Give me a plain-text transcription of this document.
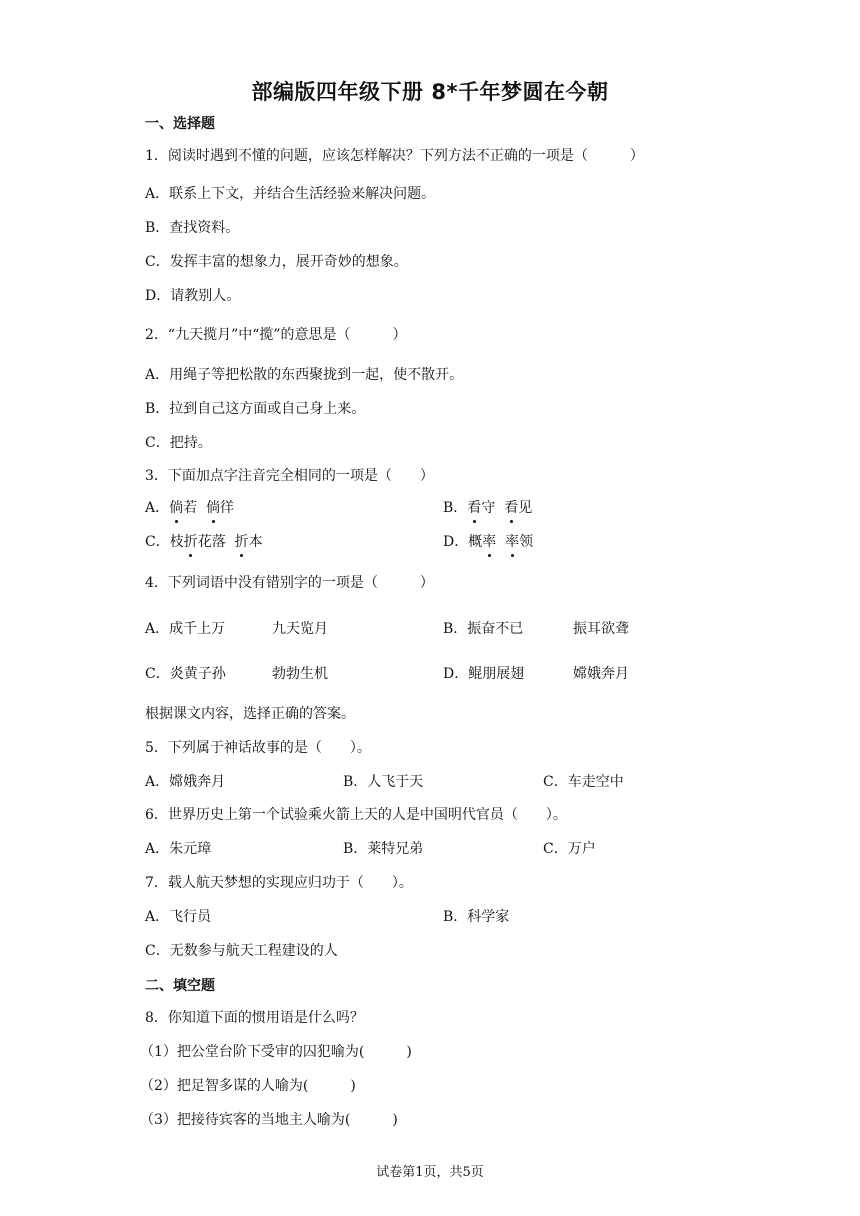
部编版四年级下册 8*千年梦圆在今朝
一、选择题
1．阅读时遇到不懂的问题，应该怎样解决？下列方法不正确的一项是（　　　）
A．联系上下文，并结合生活经验来解决问题。
B．查找资料。
C．发挥丰富的想象力，展开奇妙的想象。
D．请教别人。
2．“九天揽月”中“揽”的意思是（　　　）
A．用绳子等把松散的东西聚拢到一起，使不散开。
B．拉到自己这方面或自己身上来。
C．把持。
3．下面加点字注音完全相同的一项是（　　）
A．倘若 倘徉	B．看守 看见
C．枝折花落 折本	D．概率 率领
4．下列词语中没有错别字的一项是（　　　）
A．成千上万	九天览月	B．振奋不已	振耳欲聋
C．炎黄子孙	勃勃生机	D．鲲朋展翅	嫦娥奔月
根据课文内容，选择正确的答案。
5．下列属于神话故事的是（　　）。
A．嫦娥奔月	B．人飞于天	C．车走空中
6．世界历史上第一个试验乘火箭上天的人是中国明代官员（　　）。
A．朱元璋	B．莱特兄弟	C．万户
7．载人航天梦想的实现应归功于（　　）。
A．飞行员	B．科学家
C．无数参与航天工程建设的人
二、填空题
8．你知道下面的惯用语是什么吗？
（1）把公堂台阶下受审的囚犯喻为(　　　)
（2）把足智多谋的人喻为(　　　)
（3）把接待宾客的当地主人喻为(　　　)
试卷第1页，共5页
